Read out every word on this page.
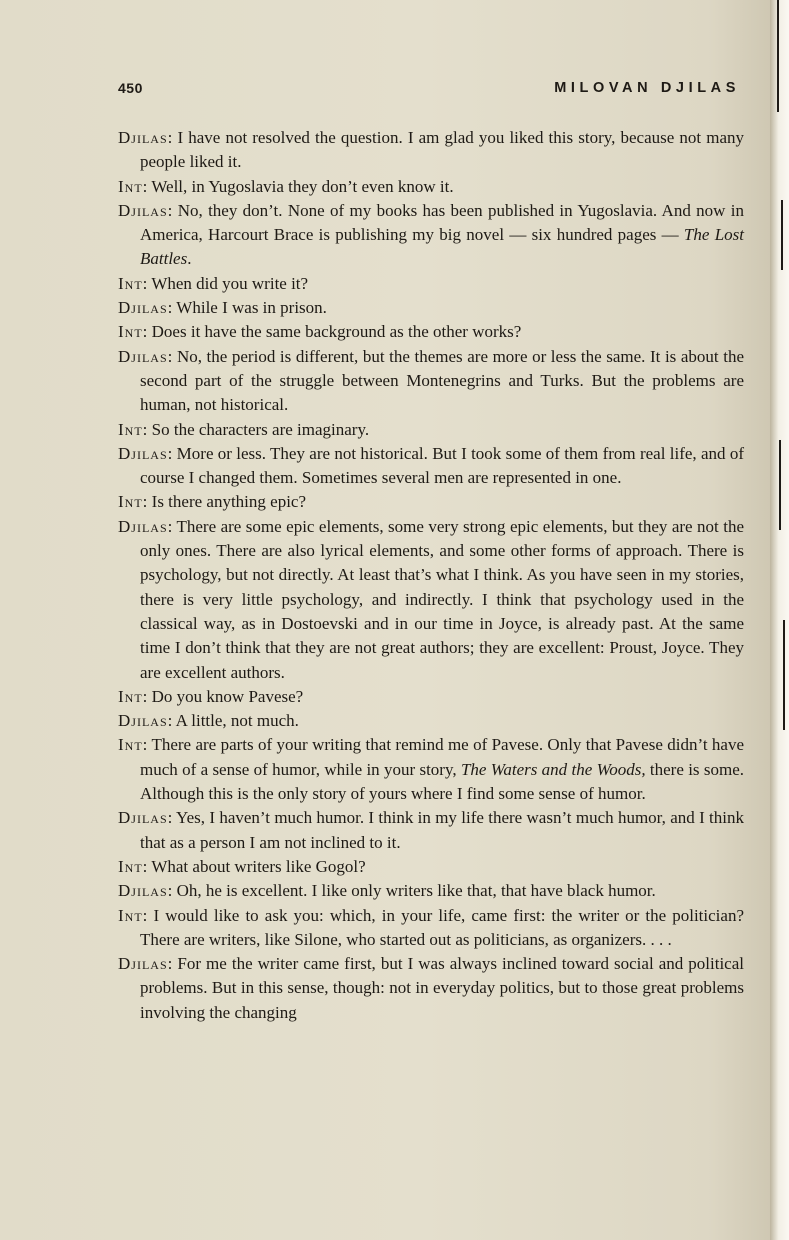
450	MILOVAN DJILAS

Djilas: I have not resolved the question. I am glad you liked this story, because not many people liked it.

Int: Well, in Yugoslavia they don’t even know it.

Djilas: No, they don’t. None of my books has been published in Yugoslavia. And now in America, Harcourt Brace is publishing my big novel — six hundred pages — The Lost Battles.

Int: When did you write it?

Djilas: While I was in prison.

Int: Does it have the same background as the other works?

Djilas: No, the period is different, but the themes are more or less the same. It is about the second part of the struggle between Montenegrins and Turks. But the problems are human, not historical.

Int: So the characters are imaginary.

Djilas: More or less. They are not historical. But I took some of them from real life, and of course I changed them. Sometimes several men are represented in one.

Int: Is there anything epic?

Djilas: There are some epic elements, some very strong epic elements, but they are not the only ones. There are also lyrical elements, and some other forms of approach. There is psychology, but not directly. At least that’s what I think. As you have seen in my stories, there is very little psychology, and indirectly. I think that psychology used in the classical way, as in Dostoevski and in our time in Joyce, is already past. At the same time I don’t think that they are not great authors; they are excellent: Proust, Joyce. They are excellent authors.

Int: Do you know Pavese?

Djilas: A little, not much.

Int: There are parts of your writing that remind me of Pavese. Only that Pavese didn’t have much of a sense of humor, while in your story, The Waters and the Woods, there is some. Although this is the only story of yours where I find some sense of humor.

Djilas: Yes, I haven’t much humor. I think in my life there wasn’t much humor, and I think that as a person I am not inclined to it.

Int: What about writers like Gogol?

Djilas: Oh, he is excellent. I like only writers like that, that have black humor.

Int: I would like to ask you: which, in your life, came first: the writer or the politician? There are writers, like Silone, who started out as politicians, as organizers. . . .

Djilas: For me the writer came first, but I was always inclined toward social and political problems. But in this sense, though: not in everyday politics, but to those great problems involving the changing
